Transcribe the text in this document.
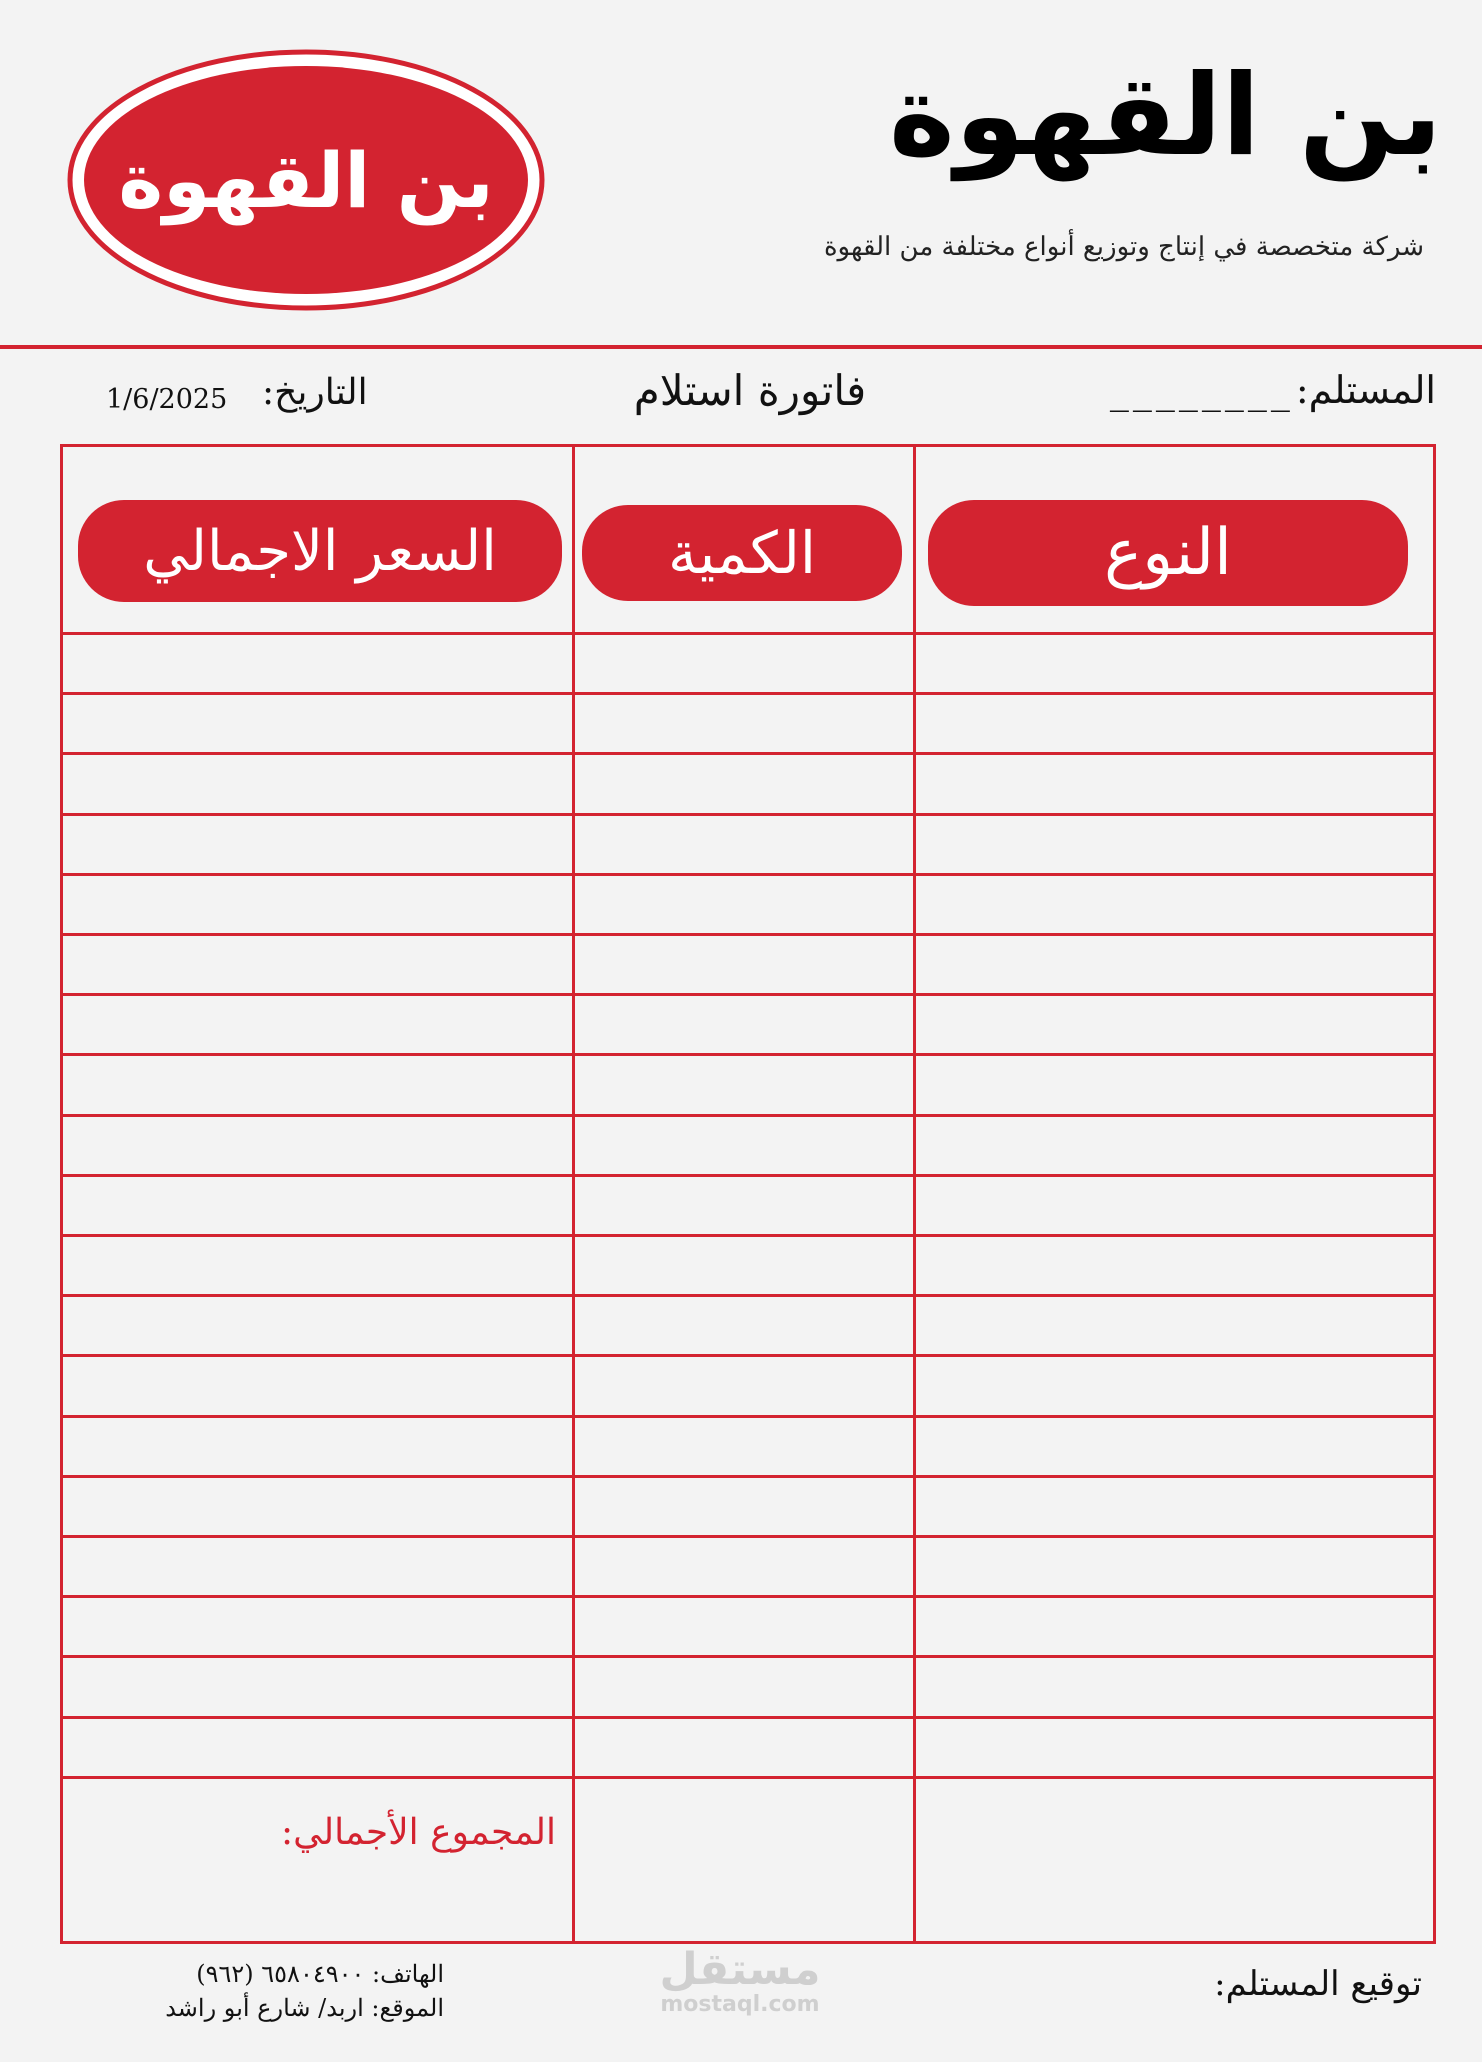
بن القهوة
شركة متخصصة في إنتاج وتوزيع أنواع مختلفة من القهوة
بن القهوة
المستلم:
________
فاتورة استلام
التاريخ:
1/6/2025
النوع
الكمية
السعر الاجمالي
المجموع الأجمالي:
الهاتف: ٦٥٨٠٤٩٠٠ (٩٦٢)
الموقع: اربد/ شارع أبو راشد
مستقل
mostaql.com
توقيع المستلم:
